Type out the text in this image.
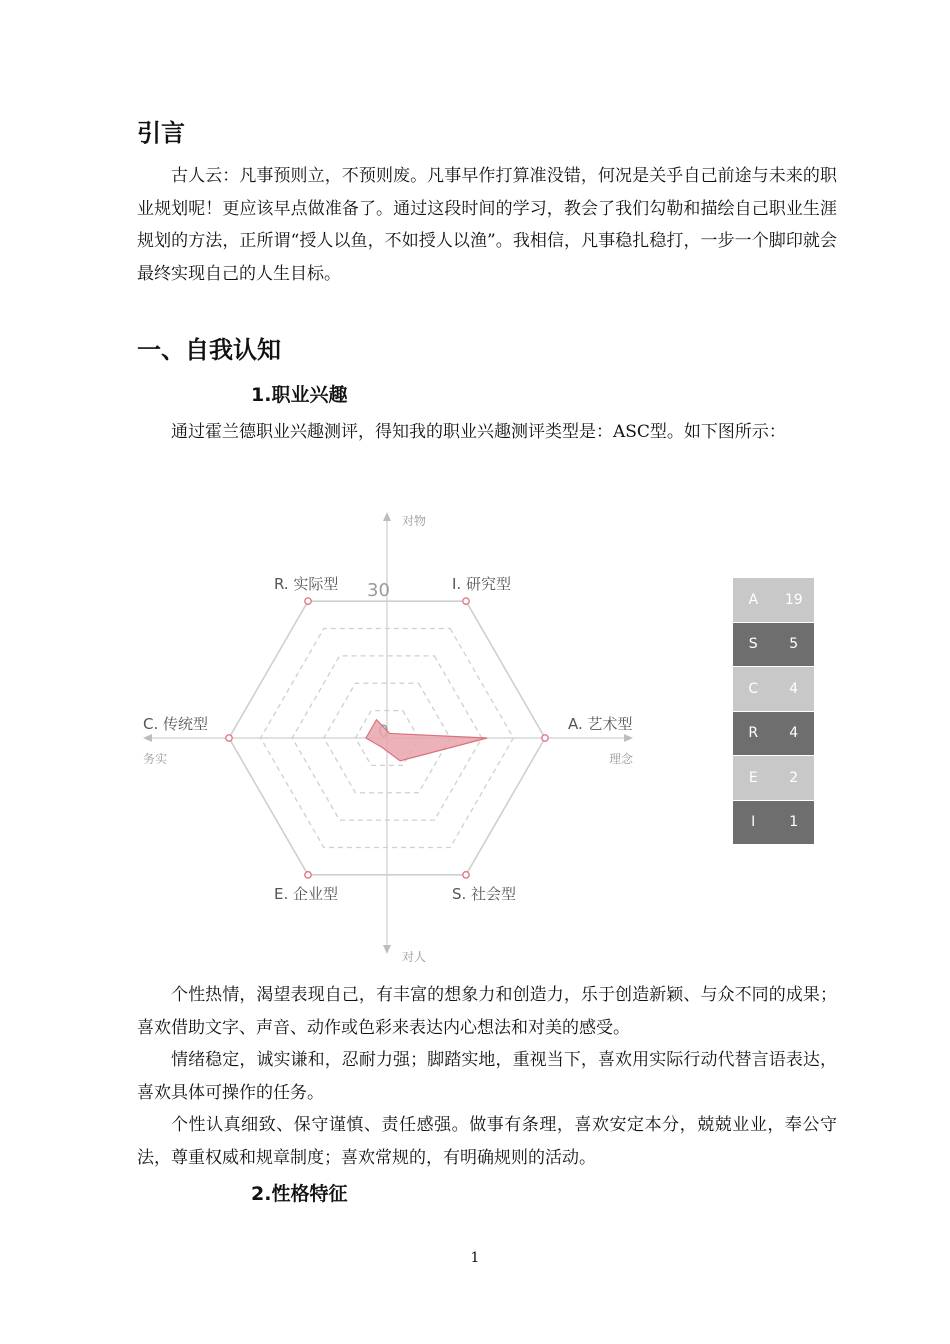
引言

古人云：凡事预则立，不预则废。凡事早作打算准没错，何况是关乎自己前途与未来的职业规划呢！更应该早点做准备了。通过这段时间的学习，教会了我们勾勒和描绘自己职业生涯规划的方法，正所谓“授人以鱼，不如授人以渔”。我相信，凡事稳扎稳打，一步一个脚印就会最终实现自己的人生目标。

一、自我认知
1.职业兴趣

通过霍兰德职业兴趣测评，得知我的职业兴趣测评类型是：ASC型。如下图所示：

对物
对人
务实	理念
30	I. 研究型
A. 艺术型
S. 社会型
E. 企业型
C. 传统型
R. 实际型
A	19
S	5
C	4
R	4
E	2
I	1

个性热情，渴望表现自己，有丰富的想象力和创造力，乐于创造新颖、与众不同的成果；喜欢借助文字、声音、动作或色彩来表达内心想法和对美的感受。

情绪稳定，诚实谦和，忍耐力强；脚踏实地，重视当下，喜欢用实际行动代替言语表达，喜欢具体可操作的任务。

个性认真细致、保守谨慎、责任感强。做事有条理，喜欢安定本分，兢兢业业，奉公守法，尊重权威和规章制度；喜欢常规的，有明确规则的活动。

2.性格特征
1
